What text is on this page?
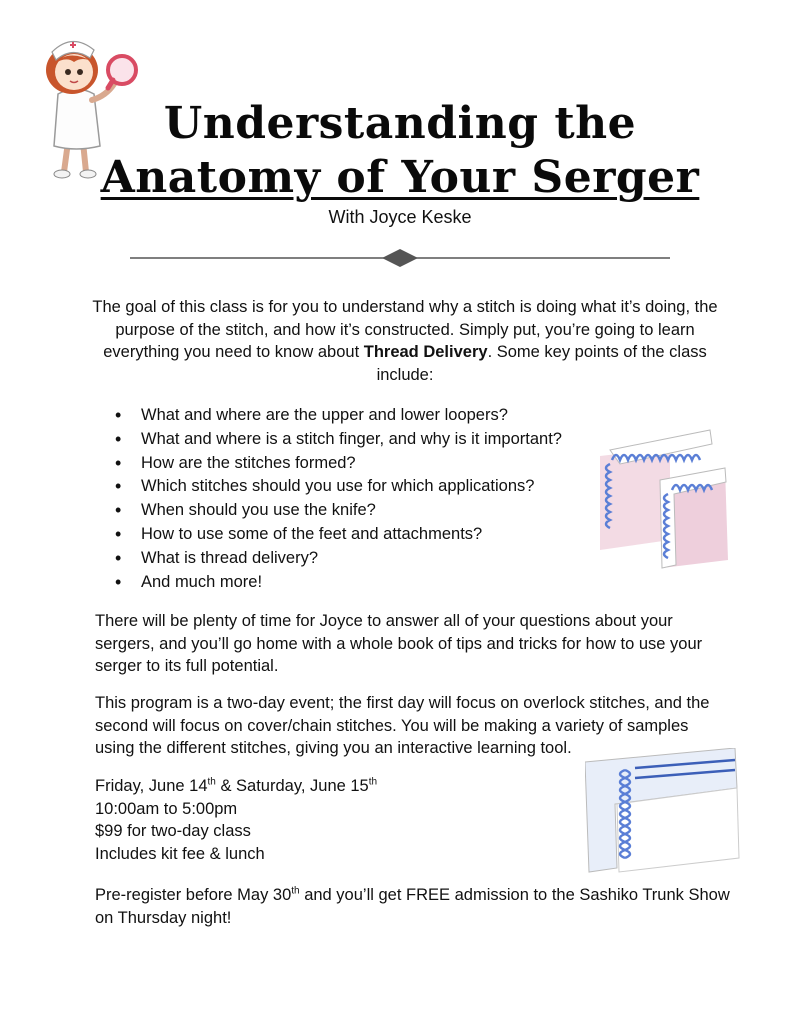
Understanding the
Anatomy of Your Serger
With Joyce Keske
The goal of this class is for you to understand why a stitch is doing what it’s doing, the purpose of the stitch, and how it’s constructed. Simply put, you’re going to learn everything you need to know about Thread Delivery. Some key points of the class include:
• What and where are the upper and lower loopers?
• What and where is a stitch finger, and why is it important?
• How are the stitches formed?
• Which stitches should you use for which applications?
• When should you use the knife?
• How to use some of the feet and attachments?
• What is thread delivery?
• And much more!
There will be plenty of time for Joyce to answer all of your questions about your sergers, and you’ll go home with a whole book of tips and tricks for how to use your serger to its full potential.
This program is a two-day event; the first day will focus on overlock stitches, and the second will focus on cover/chain stitches. You will be making a variety of samples using the different stitches, giving you an interactive learning tool.
Friday, June 14th & Saturday, June 15th
10:00am to 5:00pm
$99 for two-day class
Includes kit fee & lunch
Pre-register before May 30th and you’ll get FREE admission to the Sashiko Trunk Show on Thursday night!
